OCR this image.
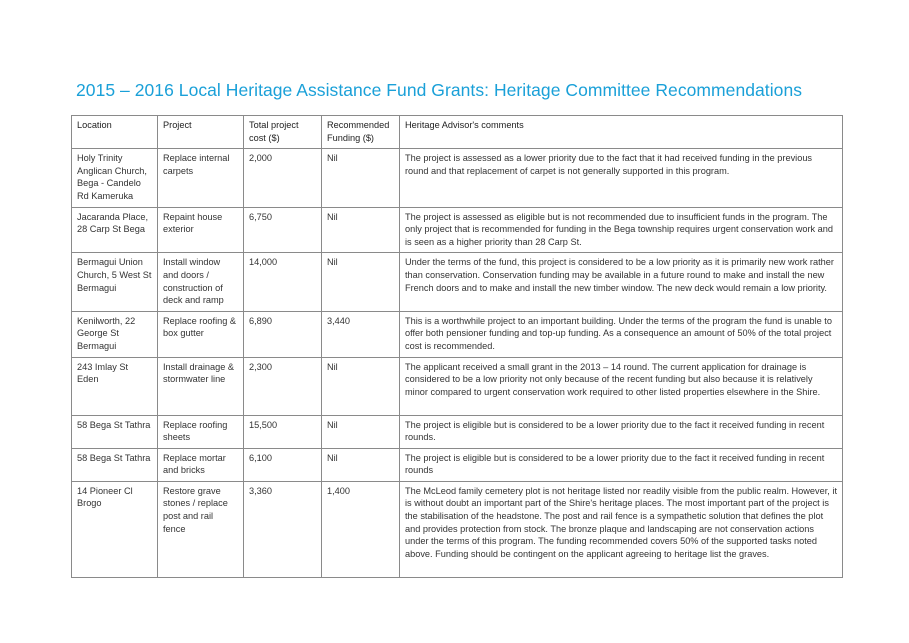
2015 – 2016 Local Heritage Assistance Fund Grants: Heritage Committee Recommendations
Location	Project	Total project cost ($)	Recommended Funding ($)	Heritage Advisor's comments
Holy Trinity Anglican Church, Bega - Candelo Rd Kameruka	Replace internal carpets	2,000	Nil	The project is assessed as a lower priority due to the fact that it had received funding in the previous round and that replacement of carpet is not generally supported in this program.
Jacaranda Place, 28 Carp St Bega	Repaint house exterior	6,750	Nil	The project is assessed as eligible but is not recommended due to insufficient funds in the program. The only project that is recommended for funding in the Bega township requires urgent conservation work and is seen as a higher priority than 28 Carp St.
Bermagui Union Church, 5 West St Bermagui	Install window and doors / construction of deck and ramp	14,000	Nil	Under the terms of the fund, this project is considered to be a low priority as it is primarily new work rather than conservation. Conservation funding may be available in a future round to make and install the new French doors and to make and install the new timber window. The new deck would remain a low priority.
Kenilworth, 22 George St Bermagui	Replace roofing & box gutter	6,890	3,440	This is a worthwhile project to an important building. Under the terms of the program the fund is unable to offer both pensioner funding and top-up funding. As a consequence an amount of 50% of the total project cost is recommended.
243 Imlay St Eden	Install drainage & stormwater line	2,300	Nil	The applicant received a small grant in the 2013 – 14 round. The current application for drainage is considered to be a low priority not only because of the recent funding but also because it is relatively minor compared to urgent conservation work required to other listed properties elsewhere in the Shire.
58 Bega St Tathra	Replace roofing sheets	15,500	Nil	The project is eligible but is considered to be a lower priority due to the fact it received funding in recent rounds.
58 Bega St Tathra	Replace mortar and bricks	6,100	Nil	The project is eligible but is considered to be a lower priority due to the fact it received funding in recent rounds
14 Pioneer Cl Brogo	Restore grave stones / replace post and rail fence	3,360	1,400	The McLeod family cemetery plot is not heritage listed nor readily visible from the public realm. However, it is without doubt an important part of the Shire's heritage places. The most important part of the project is the stabilisation of the headstone. The post and rail fence is a sympathetic solution that defines the plot and provides protection from stock. The bronze plaque and landscaping are not conservation actions under the terms of this program. The funding recommended covers 50% of the supported tasks noted above. Funding should be contingent on the applicant agreeing to heritage list the graves.
